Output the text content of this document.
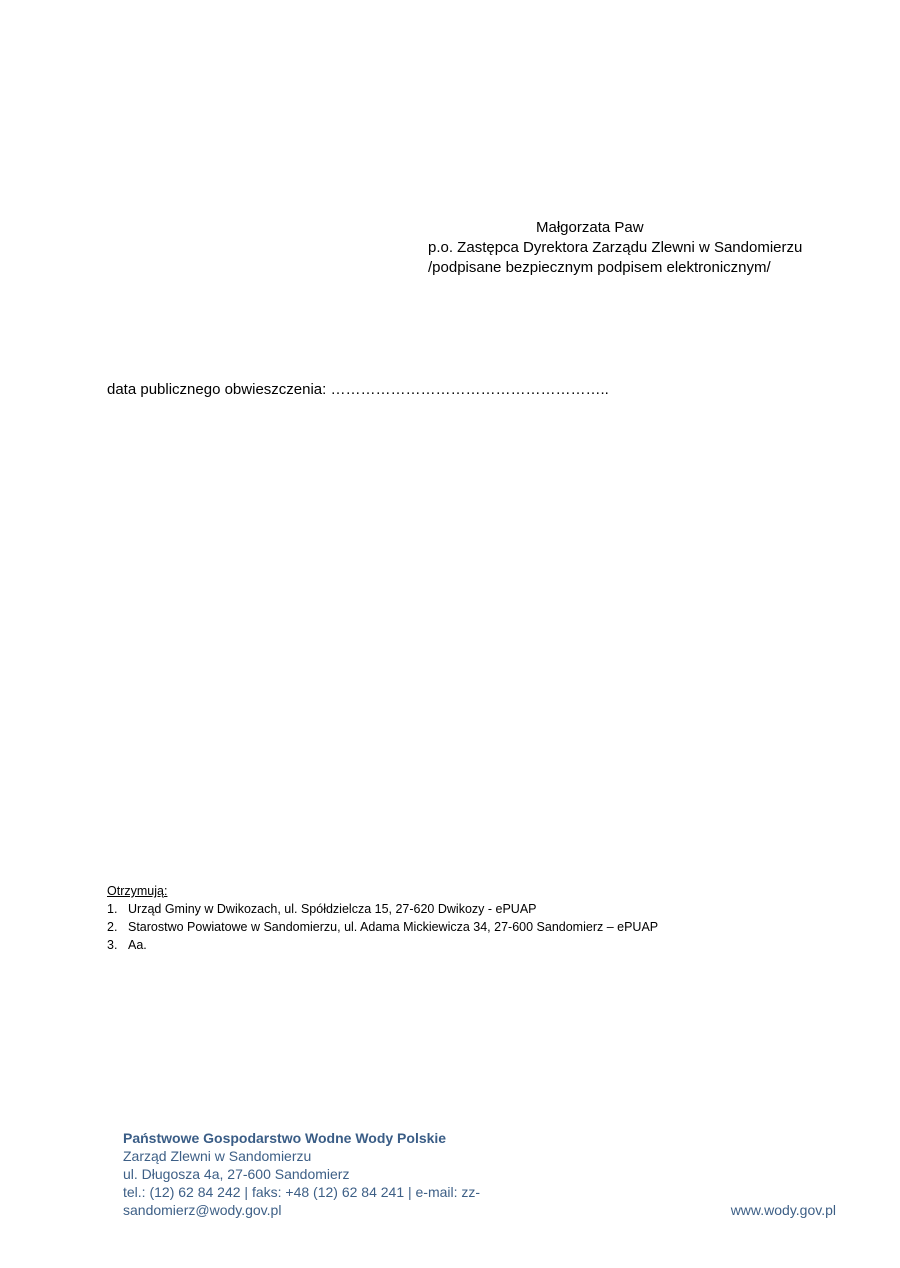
Małgorzata Paw
p.o. Zastępca Dyrektora Zarządu Zlewni w Sandomierzu
/podpisane bezpiecznym podpisem elektronicznym/
data publicznego obwieszczenia: ………………………………………………..
Otrzymują:
1. Urząd Gminy w Dwikozach, ul. Spółdzielcza 15, 27-620 Dwikozy - ePUAP
2. Starostwo Powiatowe w Sandomierzu, ul. Adama Mickiewicza 34, 27-600 Sandomierz – ePUAP
3. Aa.
Państwowe Gospodarstwo Wodne Wody Polskie
Zarząd Zlewni w Sandomierzu
ul. Długosza 4a, 27-600 Sandomierz
tel.: (12) 62 84 242 | faks: +48 (12) 62 84 241 | e-mail: zz-
sandomierz@wody.gov.pl	www.wody.gov.pl
